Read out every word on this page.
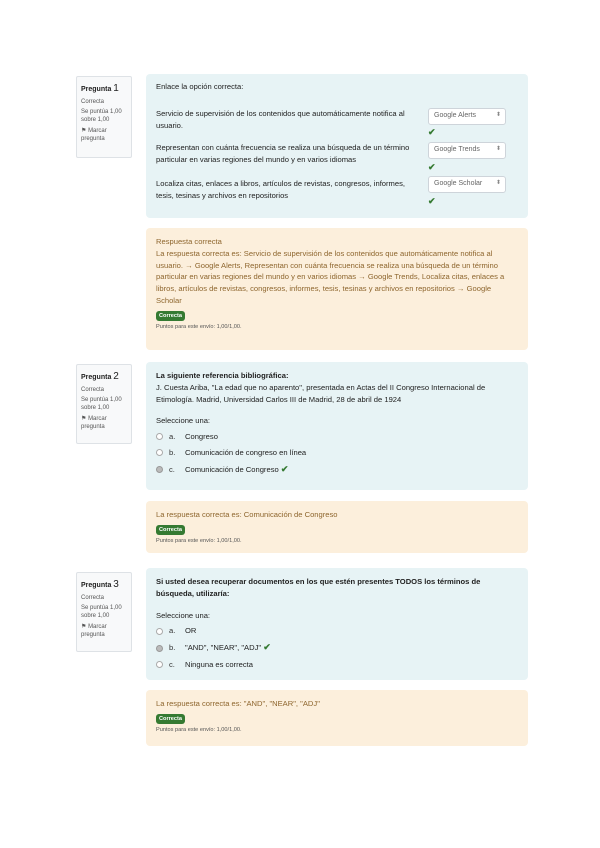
Pregunta 1
Correcta
Se puntúa 1,00 sobre 1,00
⚑ Marcar pregunta
Enlace la opción correcta:
Servicio de supervisión de los contenidos que automáticamente notifica al usuario.
Google Alerts	⬍
✔
Representan con cuánta frecuencia se realiza una búsqueda de un término particular en varias regiones del mundo y en varios idiomas
Google Trends	⬍
✔
Localiza citas, enlaces a libros, artículos de revistas, congresos, informes, tesis, tesinas y archivos en repositorios
Google Scholar ⬍
✔
Respuesta correcta
La respuesta correcta es: Servicio de supervisión de los contenidos que automáticamente notifica al usuario. → Google Alerts, Representan con cuánta frecuencia se realiza una búsqueda de un término particular en varias regiones del mundo y en varios idiomas → Google Trends, Localiza citas, enlaces a libros, artículos de revistas, congresos, informes, tesis, tesinas y archivos en repositorios → Google Scholar
Correcta
Puntos para este envío: 1,00/1,00.
Pregunta 2
Correcta
Se puntúa 1,00 sobre 1,00
⚑ Marcar pregunta
La siguiente referencia bibliográfica:
J. Cuesta Ariba, "La edad que no aparento", presentada en Actas del II Congreso Internacional de Etimología. Madrid, Universidad Carlos III de Madrid, 28 de abril de 1924
Seleccione una:
a.	Congreso
b.	Comunicación de congreso en línea
c.	Comunicación de Congreso
✔
La respuesta correcta es: Comunicación de Congreso
Correcta
Puntos para este envío: 1,00/1,00.
Pregunta 3
Correcta
Se puntúa 1,00 sobre 1,00
⚑ Marcar pregunta
Si usted desea recuperar documentos en los que estén presentes TODOS los términos de búsqueda, utilizaría:
Seleccione una:
a.	OR
b.	"AND", "NEAR", "ADJ"
✔
c.	Ninguna es correcta
La respuesta correcta es: "AND", "NEAR", "ADJ"
Correcta
Puntos para este envío: 1,00/1,00.
